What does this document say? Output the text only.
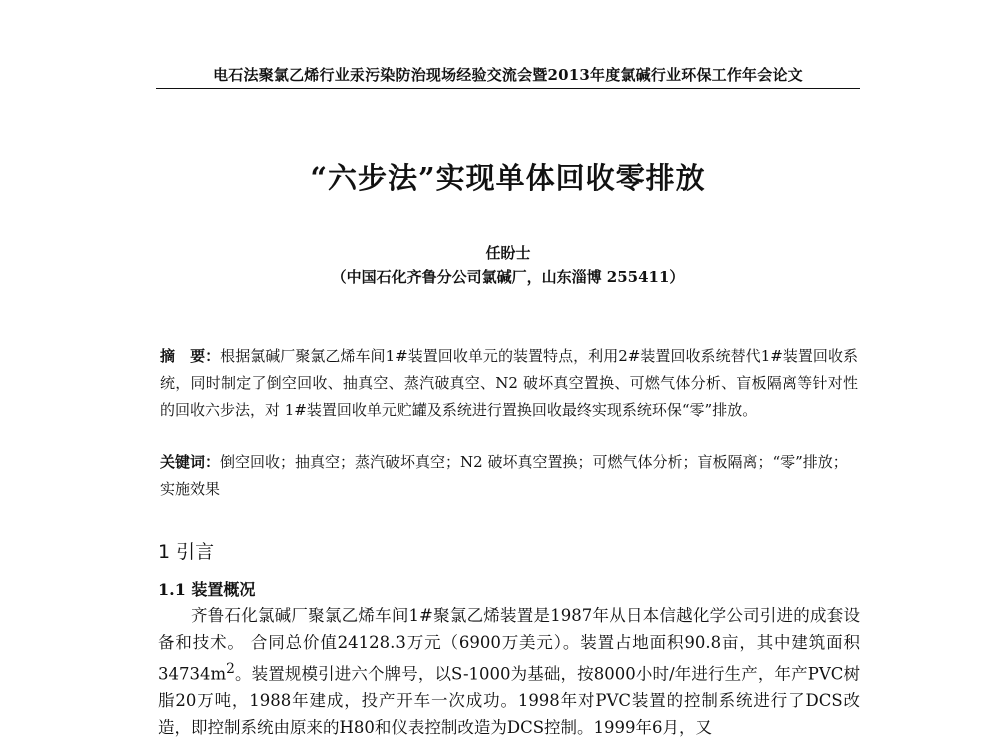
电石法聚氯乙烯行业汞污染防治现场经验交流会暨2013年度氯碱行业环保工作年会论文
“六步法”实现单体回收零排放
任盼士
（中国石化齐鲁分公司氯碱厂，山东淄博 255411）

摘　要：根据氯碱厂聚氯乙烯车间1#装置回收单元的装置特点，利用2#装置回收系统替代1#装置回收系统，同时制定了倒空回收、抽真空、蒸汽破真空、N2 破坏真空置换、可燃气体分析、盲板隔离等针对性的回收六步法，对 1#装置回收单元贮罐及系统进行置换回收最终实现系统环保“零”排放。

关键词：倒空回收；抽真空；蒸汽破坏真空；N2 破坏真空置换；可燃气体分析；盲板隔离；“零”排放；实施效果

1 引言
1.1 装置概况

齐鲁石化氯碱厂聚氯乙烯车间1#聚氯乙烯装置是1987年从日本信越化学公司引进的成套设备和技术。 合同总价值24128.3万元（6900万美元）。装置占地面积90.8亩，其中建筑面积$34734m^2$。装置规模引进六个牌号，以S-1000为基础，按8000小时/年进行生产，年产PVC树脂20万吨，1988年建成，投产开车一次成功。1998年对PVC装置的控制系统进行了DCS改造，即控制系统由原来的H80和仪表控制改造为DCS控制。1999年6月，又
